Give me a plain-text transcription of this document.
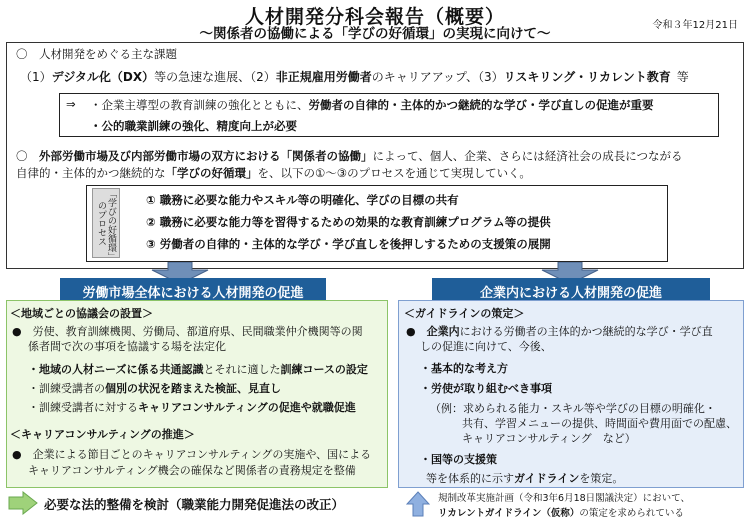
人材開発分科会報告（概要）
～関係者の協働による「学びの好循環」の実現に向けて～
令和３年12月21日
〇　人材開発をめぐる主な課題
（1）デジタル化（DX）等の急速な進展、（2）非正規雇用労働者のキャリアアップ、（3）リスキリング・リカレント教育 等
⇒ ・企業主導型の教育訓練の強化とともに、労働者の自律的・主体的かつ継続的な学び・学び直しの促進が重要
・公的職業訓練の強化、精度向上が必要
〇　 外部労働市場及び内部労働市場の双方における「関係者の協働」によって、個人、企業、さらには経済社会の成長につながる
自律的・主体的かつ継続的な「学びの好循環」を、以下の①～③のプロセスを通じて実現していく。
「学びの好循環」のプロセス
① 職務に必要な能力やスキル等の明確化、学びの目標の共有
② 職務に必要な能力等を習得するための効果的な教育訓練プログラム等の提供
③ 労働者の自律的・主体的な学び・学び直しを後押しするための支援策の展開
労働市場全体における人材開発の促進	企業内における人材開発の促進
＜地域ごとの協議会の設置＞
●　労使、教育訓練機関、労働局、都道府県、民間職業仲介機関等の関
係者間で次の事項を協議する場を法定化
・地域の人材ニーズに係る共通認識とそれに適した訓練コースの設定
・訓練受講者の個別の状況を踏まえた検証、見直し
・訓練受講者に対するキャリアコンサルティングの促進や就職促進
＜キャリアコンサルティングの推進＞
●　企業による節目ごとのキャリアコンサルティングの実施や、国による
キャリアコンサルティング機会の確保など関係者の責務規定を整備
＜ガイドラインの策定＞
●　企業内における労働者の主体的かつ継続的な学び・学び直
しの促進に向けて、今後、
・基本的な考え方
・労使が取り組むべき事項
（例：求められる能力・スキル等や学びの目標の明確化・
共有、学習メニューの提供、時間面や費用面での配慮、
キャリアコンサルティング　など）
・国等の支援策
等を体系的に示すガイドラインを策定。
必要な法的整備を検討（職業能力開発促進法の改正）	規制改革実施計画（令和3年6月18日閣議決定）において、
リカレントガイドライン（仮称）の策定を求められている
